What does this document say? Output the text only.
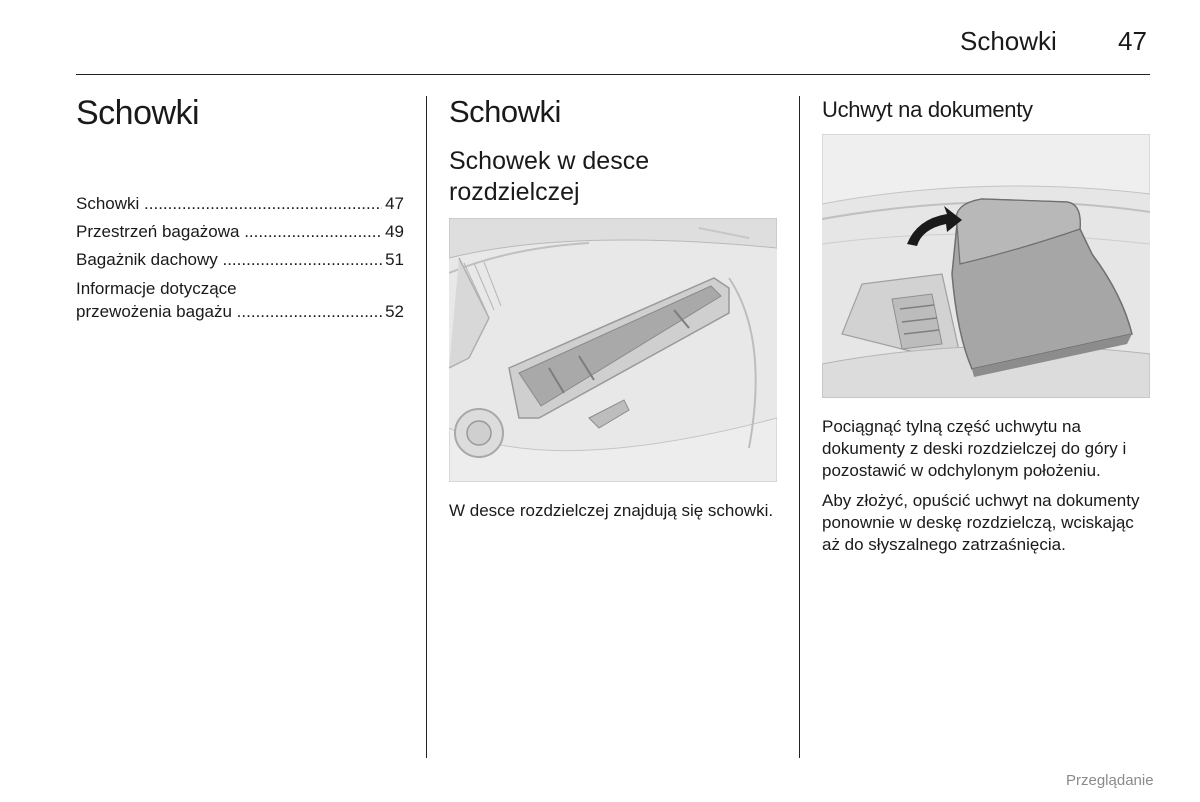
Schowki 47
Schowki
Schowki .....	47
Przestrzeń bagażowa .....	49
Bagażnik dachowy .....	51
Informacje dotyczące
przewożenia bagażu .....	52
Schowki
Schowek w desce rozdzielczej
W desce rozdzielczej znajdują się schowki.
Uchwyt na dokumenty

Pociągnąć tylną część uchwytu na dokumenty z deski rozdzielczej do góry i pozostawić w odchylonym położeniu.

Aby złożyć, opuścić uchwyt na dokumenty ponownie w deskę rozdzielczą, wciskając aż do słyszalnego zatrzaśnięcia.

Przeglądanie
